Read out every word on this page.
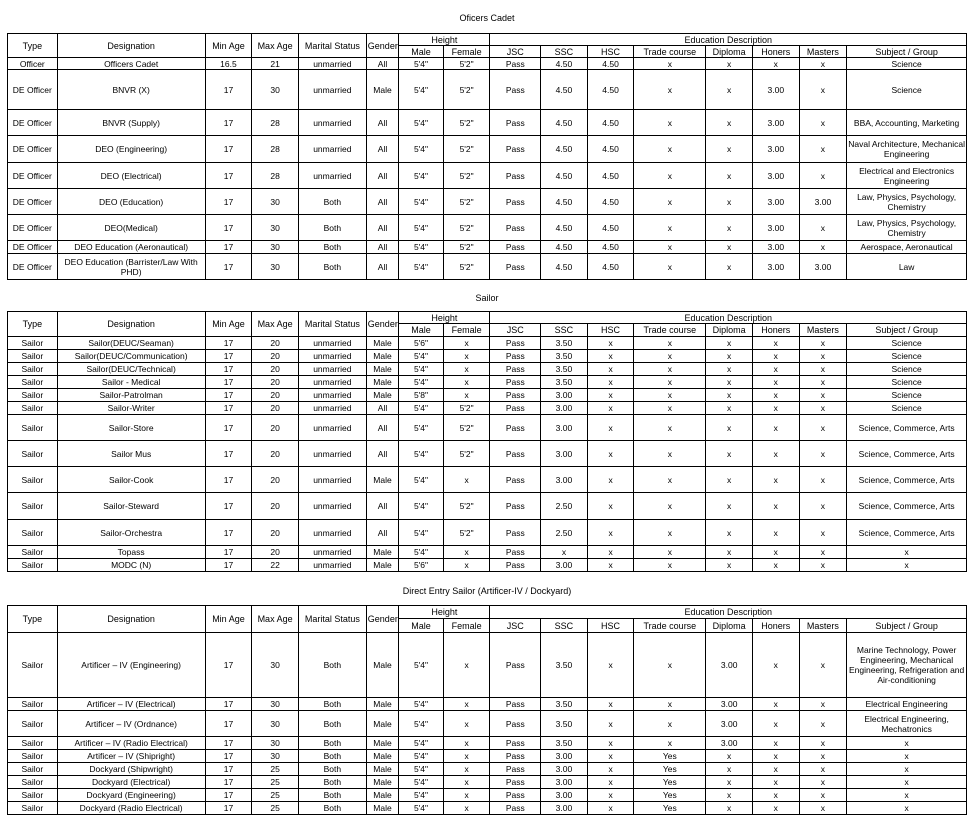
Oficers Cadet
Type	Designation	Min Age	Max Age	Marital Status	Gender	Height		Education Description							
						Male	Female	JSC	SSC	HSC	Trade course	Diploma	Honers	Masters	Subject / Group
Officer	Officers Cadet	16.5	21	unmarried	All	5'4"	5'2"	Pass	4.50	4.50	x	x	x	x	Science
DE Officer	BNVR (X)	17	30	unmarried	Male	5'4"	5'2"	Pass	4.50	4.50	x	x	3.00	x	Science
DE Officer	BNVR (Supply)	17	28	unmarried	All	5'4"	5'2"	Pass	4.50	4.50	x	x	3.00	x	BBA, Accounting, Marketing
DE Officer	DEO (Engineering)	17	28	unmarried	All	5'4"	5'2"	Pass	4.50	4.50	x	x	3.00	x	Naval Architecture, Mechanical Engineering
DE Officer	DEO (Electrical)	17	28	unmarried	All	5'4"	5'2"	Pass	4.50	4.50	x	x	3.00	x	Electrical and Electronics Engineering
DE Officer	DEO (Education)	17	30	Both	All	5'4"	5'2"	Pass	4.50	4.50	x	x	3.00	3.00	Law, Physics, Psychology, Chemistry
DE Officer	DEO(Medical)	17	30	Both	All	5'4"	5'2"	Pass	4.50	4.50	x	x	3.00	x	Law, Physics, Psychology, Chemistry
DE Officer	DEO Education (Aeronautical)	17	30	Both	All	5'4"	5'2"	Pass	4.50	4.50	x	x	3.00	x	Aerospace, Aeronautical
DE Officer	DEO Education (Barrister/Law With PHD)	17	30	Both	All	5'4"	5'2"	Pass	4.50	4.50	x	x	3.00	3.00	Law
Sailor
Type	Designation	Min Age	Max Age	Marital Status	Gender	Height		Education Description							
						Male	Female	JSC	SSC	HSC	Trade course	Diploma	Honers	Masters	Subject / Group
Sailor	Sailor(DEUC/Seaman)	17	20	unmarried	Male	5'6"	x	Pass	3.50	x	x	x	x	x	Science
Sailor	Sailor(DEUC/Communication)	17	20	unmarried	Male	5'4"	x	Pass	3.50	x	x	x	x	x	Science
Sailor	Sailor(DEUC/Technical)	17	20	unmarried	Male	5'4"	x	Pass	3.50	x	x	x	x	x	Science
Sailor	Sailor - Medical	17	20	unmarried	Male	5'4"	x	Pass	3.50	x	x	x	x	x	Science
Sailor	Sailor-Patrolman	17	20	unmarried	Male	5'8"	x	Pass	3.00	x	x	x	x	x	Science
Sailor	Sailor-Writer	17	20	unmarried	All	5'4"	5'2"	Pass	3.00	x	x	x	x	x	Science
Sailor	Sailor-Store	17	20	unmarried	All	5'4"	5'2"	Pass	3.00	x	x	x	x	x	Science, Commerce, Arts
Sailor	Sailor Mus	17	20	unmarried	All	5'4"	5'2"	Pass	3.00	x	x	x	x	x	Science, Commerce, Arts
Sailor	Sailor-Cook	17	20	unmarried	Male	5'4"	x	Pass	3.00	x	x	x	x	x	Science, Commerce, Arts
Sailor	Sailor-Steward	17	20	unmarried	All	5'4"	5'2"	Pass	2.50	x	x	x	x	x	Science, Commerce, Arts
Sailor	Sailor-Orchestra	17	20	unmarried	All	5'4"	5'2"	Pass	2.50	x	x	x	x	x	Science, Commerce, Arts
Sailor	Topass	17	20	unmarried	Male	5'4"	x	Pass	x	x	x	x	x	x	x
Sailor	MODC (N)	17	22	unmarried	Male	5'6"	x	Pass	3.00	x	x	x	x	x	x
Direct Entry Sailor (Artificer-IV / Dockyard)
Type	Designation	Min Age	Max Age	Marital Status	Gender	Height		Education Description							
						Male	Female	JSC	SSC	HSC	Trade course	Diploma	Honers	Masters	Subject / Group
Sailor	Artificer – IV (Engineering)	17	30	Both	Male	5'4"	x	Pass	3.50	x	x	3.00	x	x	Marine Technology, Power Engineering, Mechanical Engineering, Refrigeration and Air-conditioning
Sailor	Artificer – IV (Electrical)	17	30	Both	Male	5'4"	x	Pass	3.50	x	x	3.00	x	x	Electrical Engineering
Sailor	Artificer – IV (Ordnance)	17	30	Both	Male	5'4"	x	Pass	3.50	x	x	3.00	x	x	Electrical Engineering, Mechatronics
Sailor	Artificer – IV (Radio Electrical)	17	30	Both	Male	5'4"	x	Pass	3.50	x	x	3.00	x	x	x
Sailor	Artificer – IV (Shipright)	17	30	Both	Male	5'4"	x	Pass	3.00	x	Yes	x	x	x	x
Sailor	Dockyard (Shipwright)	17	25	Both	Male	5'4"	x	Pass	3.00	x	Yes	x	x	x	x
Sailor	Dockyard (Electrical)	17	25	Both	Male	5'4"	x	Pass	3.00	x	Yes	x	x	x	x
Sailor	Dockyard (Engineering)	17	25	Both	Male	5'4"	x	Pass	3.00	x	Yes	x	x	x	x
Sailor	Dockyard (Radio Electrical)	17	25	Both	Male	5'4"	x	Pass	3.00	x	Yes	x	x	x	x
